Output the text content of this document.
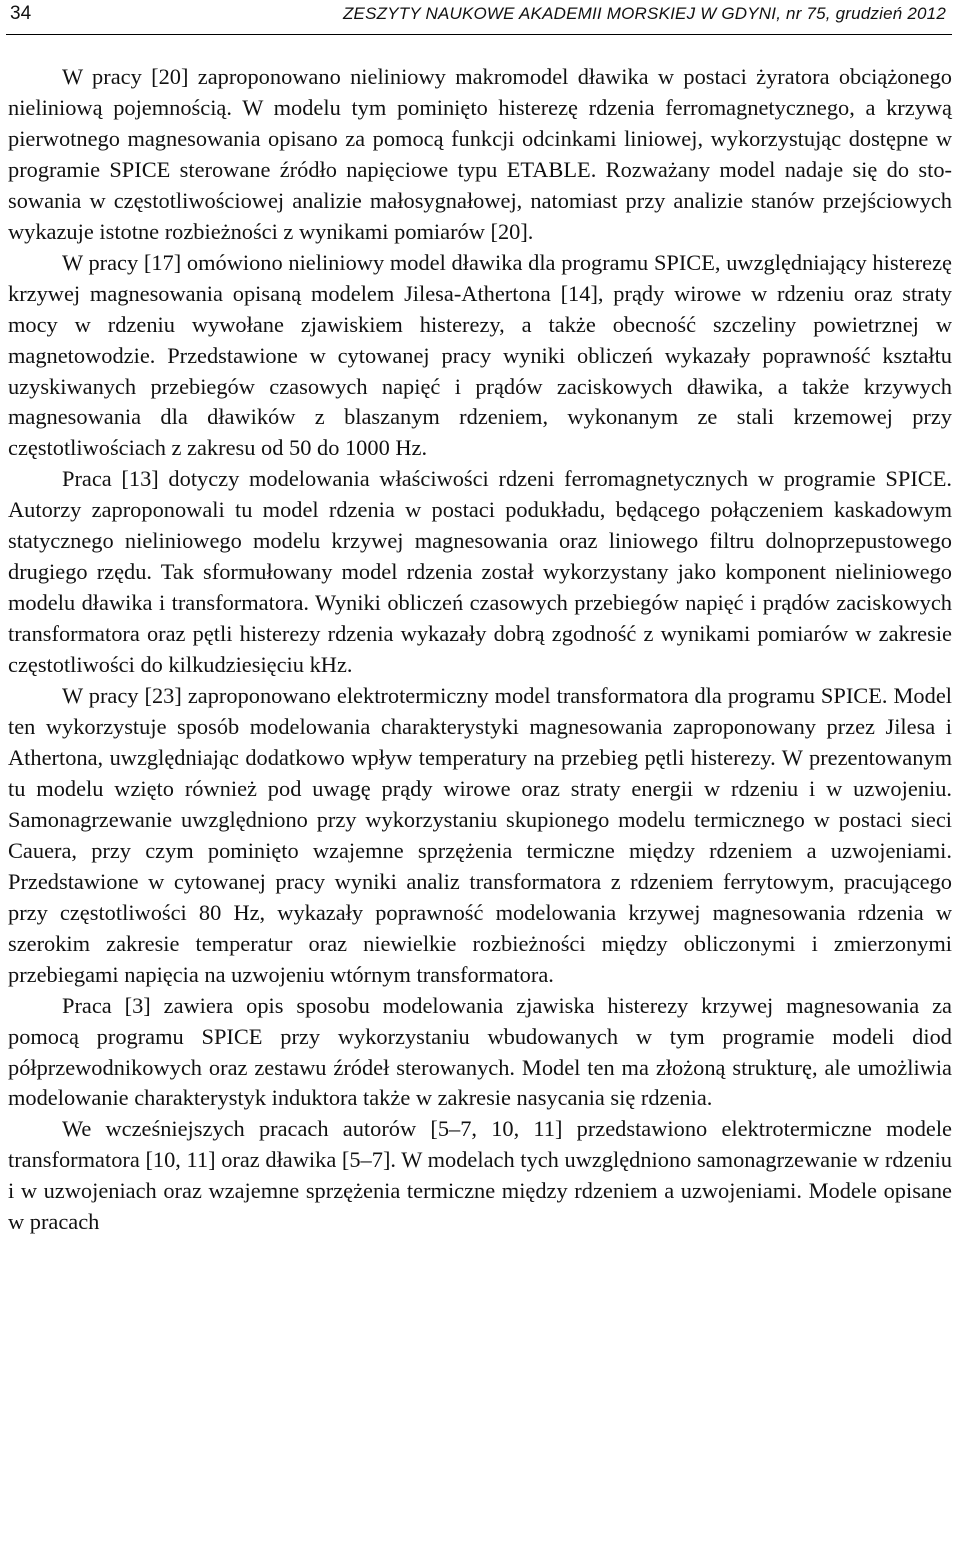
34	ZESZYTY NAUKOWE AKADEMII MORSKIEJ W GDYNI, nr 75, grudzień 2012

W pracy [20] zaproponowano nieliniowy makromodel dławika w postaci żyratora obciążonego nieliniową pojemnością. W modelu tym pominięto histerezę rdzenia ferromagnetycznego, a krzywą pierwotnego magnesowania opisano za pomocą funkcji odcinkami liniowej, wykorzystując dostępne w programie SPICE sterowane źródło napięciowe typu ETABLE. Rozważany model nadaje się do stosowania w częstotliwościowej analizie małosygnałowej, natomiast przy analizie stanów przejściowych wykazuje istotne rozbieżności z wynikami pomiarów [20].

W pracy [17] omówiono nieliniowy model dławika dla programu SPICE, uwzględniający histerezę krzywej magnesowania opisaną modelem Jilesa-Athertona [14], prądy wirowe w rdzeniu oraz straty mocy w rdzeniu wywołane zjawiskiem histerezy, a także obecność szczeliny powietrznej w magnetowodzie. Przedstawione w cytowanej pracy wyniki obliczeń wykazały poprawność kształtu uzyskiwanych przebiegów czasowych napięć i prądów zaciskowych dławika, a także krzywych magnesowania dla dławików z blaszanym rdzeniem, wykonanym ze stali krzemowej przy częstotliwościach z zakresu od 50 do 1000 Hz.

Praca [13] dotyczy modelowania właściwości rdzeni ferromagnetycznych w programie SPICE. Autorzy zaproponowali tu model rdzenia w postaci podukładu, będącego połączeniem kaskadowym statycznego nieliniowego modelu krzywej magnesowania oraz liniowego filtru dolnoprzepustowego drugiego rzędu. Tak sformułowany model rdzenia został wykorzystany jako komponent nieliniowego modelu dławika i transformatora. Wyniki obliczeń czasowych przebiegów napięć i prądów zaciskowych transformatora oraz pętli histerezy rdzenia wykazały dobrą zgodność z wynikami pomiarów w zakresie częstotliwości do kilkudziesięciu kHz.

W pracy [23] zaproponowano elektrotermiczny model transformatora dla programu SPICE. Model ten wykorzystuje sposób modelowania charakterystyki magnesowania zaproponowany przez Jilesa i Athertona, uwzględniając dodatkowo wpływ temperatury na przebieg pętli histerezy. W prezentowanym tu modelu wzięto również pod uwagę prądy wirowe oraz straty energii w rdzeniu i w uzwojeniu. Samonagrzewanie uwzględniono przy wykorzystaniu skupionego modelu termicznego w postaci sieci Cauera, przy czym pominięto wzajemne sprzężenia termiczne między rdzeniem a uzwojeniami. Przedstawione w cytowanej pracy wyniki analiz transformatora z rdzeniem ferrytowym, pracującego przy częstotliwości 80 Hz, wykazały poprawność modelowania krzywej magnesowania rdzenia w szerokim zakresie temperatur oraz niewielkie rozbieżności między obliczonymi i zmierzonymi przebiegami napięcia na uzwojeniu wtórnym transformatora.

Praca [3] zawiera opis sposobu modelowania zjawiska histerezy krzywej magnesowania za pomocą programu SPICE przy wykorzystaniu wbudowanych w tym programie modeli diod półprzewodnikowych oraz zestawu źródeł sterowanych. Model ten ma złożoną strukturę, ale umożliwia modelowanie charakterystyk induktora także w zakresie nasycania się rdzenia.

We wcześniejszych pracach autorów [5–7, 10, 11] przedstawiono elektrotermiczne modele transformatora [10, 11] oraz dławika [5–7]. W modelach tych uwzględniono samonagrzewanie w rdzeniu i w uzwojeniach oraz wzajemne sprzężenia termiczne między rdzeniem a uzwojeniami. Modele opisane w pracach
